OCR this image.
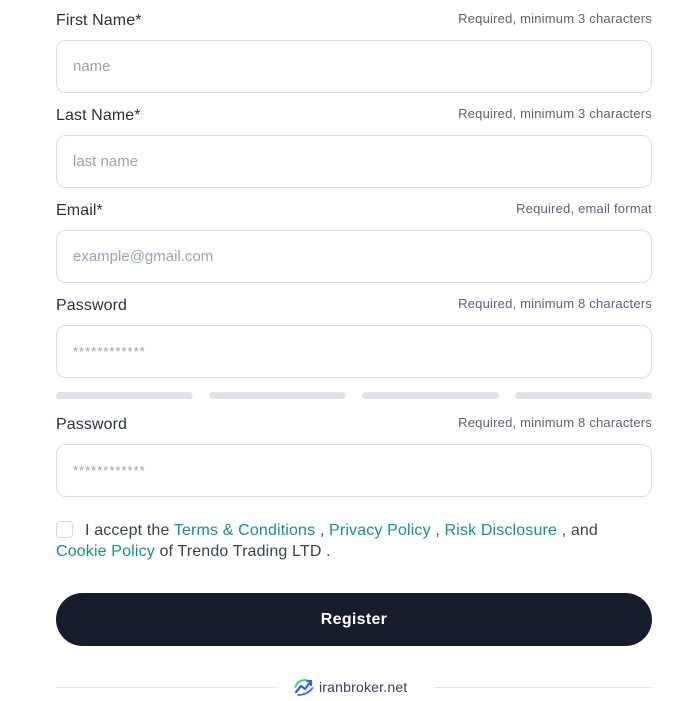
First Name*	Required, minimum 3 characters
name
Last Name*	Required, minimum 3 characters
last name
Email*	Required, email format
example@gmail.com
Password	Required, minimum 8 characters
************
Password	Required, minimum 8 characters
************
I accept the Terms & Conditions , Privacy Policy , Risk Disclosure , and Cookie Policy of Trendo Trading LTD .
Register
iranbroker.net
